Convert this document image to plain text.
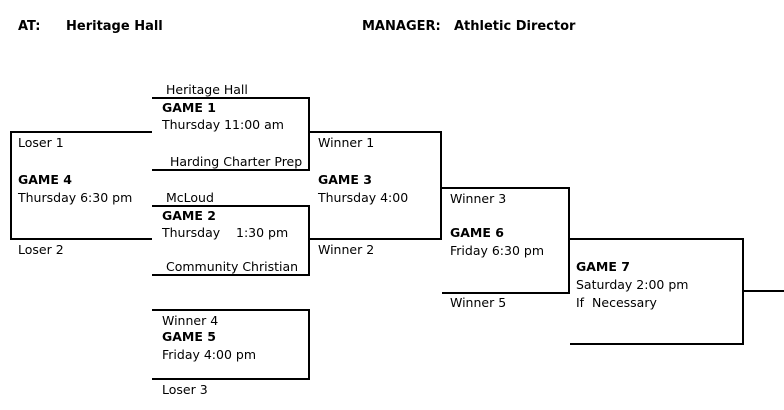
AT: Heritage Hall	MANAGER: Athletic Director
Heritage Hall
GAME 1
Thursday 11:00 am
Harding Charter Prep
Loser 1
GAME 4
Thursday 6:30 pm
Loser 2
McLoud
GAME 2
Thursday    1:30 pm
Community Christian
Winner 1
GAME 3
Thursday 4:00
Winner 2
Winner 4
GAME 5
Friday 4:00 pm
Loser 3
Winner 3
GAME 6
Friday 6:30 pm
Winner 5
GAME 7
Saturday 2:00 pm
If  Necessary
